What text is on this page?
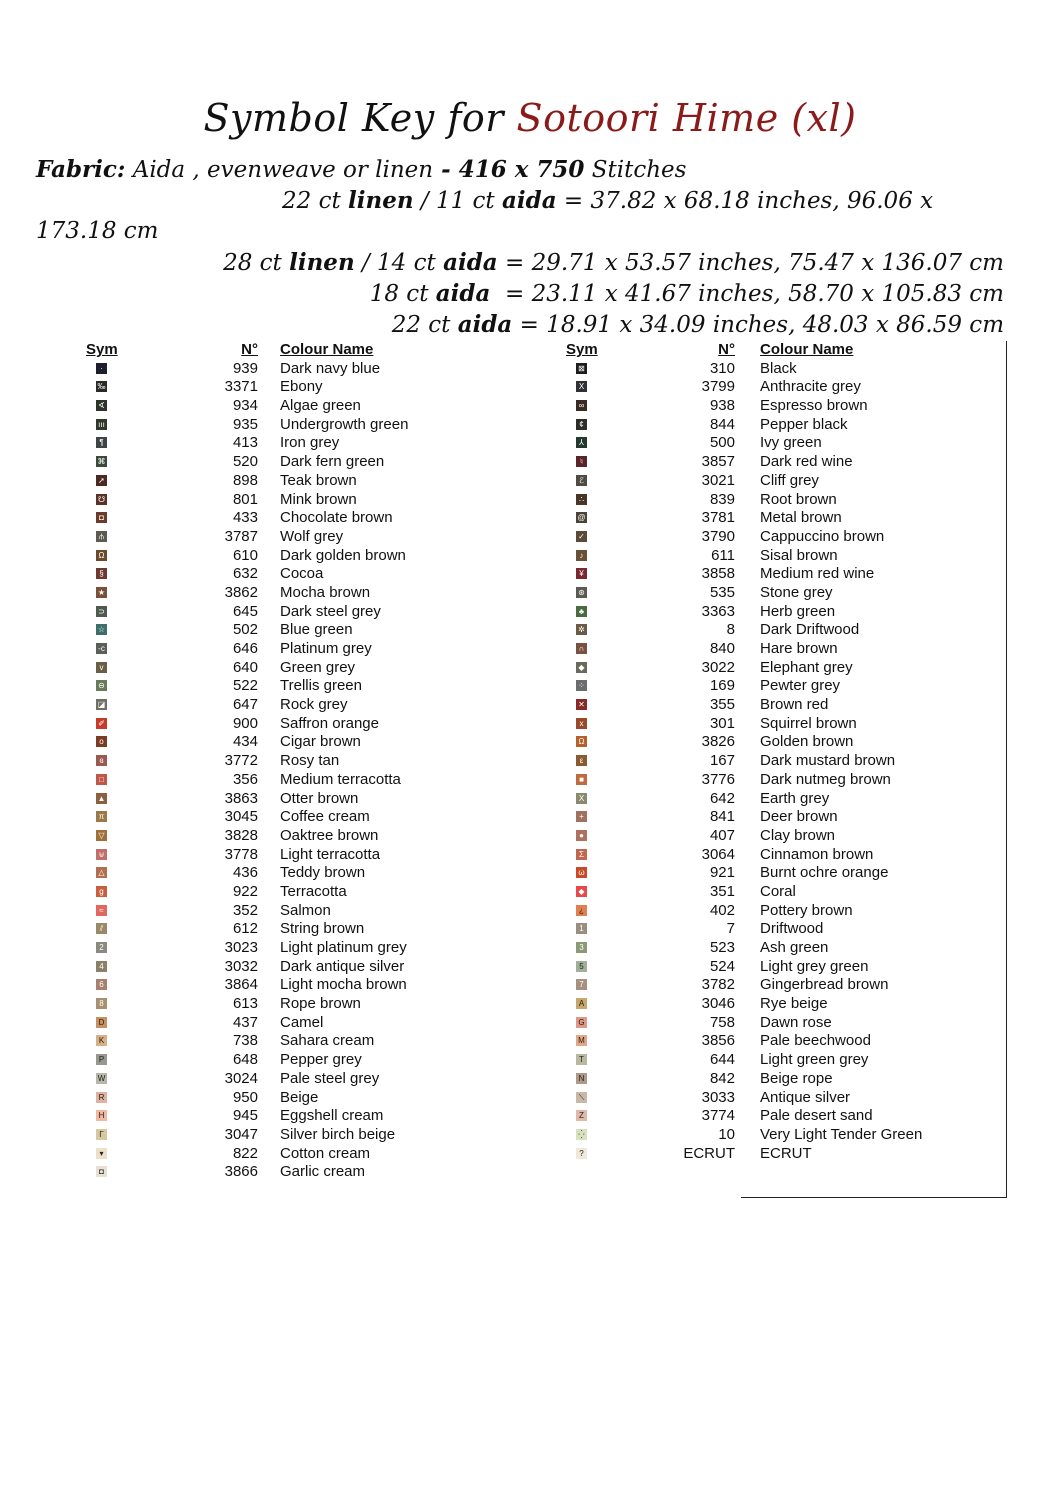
Symbol Key for Sotoori Hime (xl)
Fabric: Aida , evenweave or linen - 416 x 750 Stitches
22 ct linen / 11 ct aida = 37.82 x 68.18 inches, 96.06 x
173.18 cm
28 ct linen / 14 ct aida = 29.71 x 53.57 inches, 75.47 x 136.07 cm
18 ct aida  = 23.11 x 41.67 inches, 58.70 x 105.83 cm
22 ct aida = 18.91 x 34.09 inches, 48.03 x 86.59 cm
Sym	N° Colour Name
·	939 Dark navy blue
‰	3371 Ebony
∢	934 Algae green
ııı	935 Undergrowth green
¶	413 Iron grey
⌘	520 Dark fern green
➚	898 Teak brown
☋	801 Mink brown
◘	433 Chocolate brown
⫛	3787 Wolf grey
Ω	610 Dark golden brown
§	632 Cocoa
★	3862 Mocha brown
⊃	645 Dark steel grey
☆	502 Blue green
-c	646 Platinum grey
v	640 Green grey
⊖	522 Trellis green
◪	647 Rock grey
✐	900 Saffron orange
o	434 Cigar brown
ɞ	3772 Rosy tan
□	356 Medium terracotta
▲	3863 Otter brown
π	3045 Coffee cream
▽	3828 Oaktree brown
⊌	3778 Light terracotta
△	436 Teddy brown
g	922 Terracotta
≈	352 Salmon
⫽	612 String brown
2	3023 Light platinum grey
4	3032 Dark antique silver
6	3864 Light mocha brown
8	613 Rope brown
D	437 Camel
K	738 Sahara cream
P	648 Pepper grey
W	3024 Pale steel grey
R	950 Beige
H	945 Eggshell cream
Γ	3047 Silver birch beige
▾	822 Cotton cream
◘	3866 Garlic cream
Sym	N° Colour Name
⊠	310 Black
X	3799 Anthracite grey
∞	938 Espresso brown
¢	844 Pepper black
⅄	500 Ivy green
♮	3857 Dark red wine
ℰ	3021 Cliff grey
∴	839 Root brown
@	3781 Metal brown
✓	3790 Cappuccino brown
♪	611 Sisal brown
¥	3858 Medium red wine
⊛	535 Stone grey
♣	3363 Herb green
✲	8 Dark Driftwood
∩	840 Hare brown
◆	3022 Elephant grey
⁘	169 Pewter grey
✕	355 Brown red
x	301 Squirrel brown
Ω	3826 Golden brown
ε	167 Dark mustard brown
■	3776 Dark nutmeg brown
X	642 Earth grey
+	841 Deer brown
●	407 Clay brown
Σ	3064 Cinnamon brown
ω	921 Burnt ochre orange
◆	351 Coral
¿	402 Pottery brown
1	7 Driftwood
3	523 Ash green
5	524 Light grey green
7	3782 Gingerbread brown
A	3046 Rye beige
G	758 Dawn rose
M	3856 Pale beechwood
T	644 Light green grey
N	842 Beige rope
⟍	3033 Antique silver
Z	3774 Pale desert sand
⁛	10 Very Light Tender Green
?	ECRUT ECRUT
